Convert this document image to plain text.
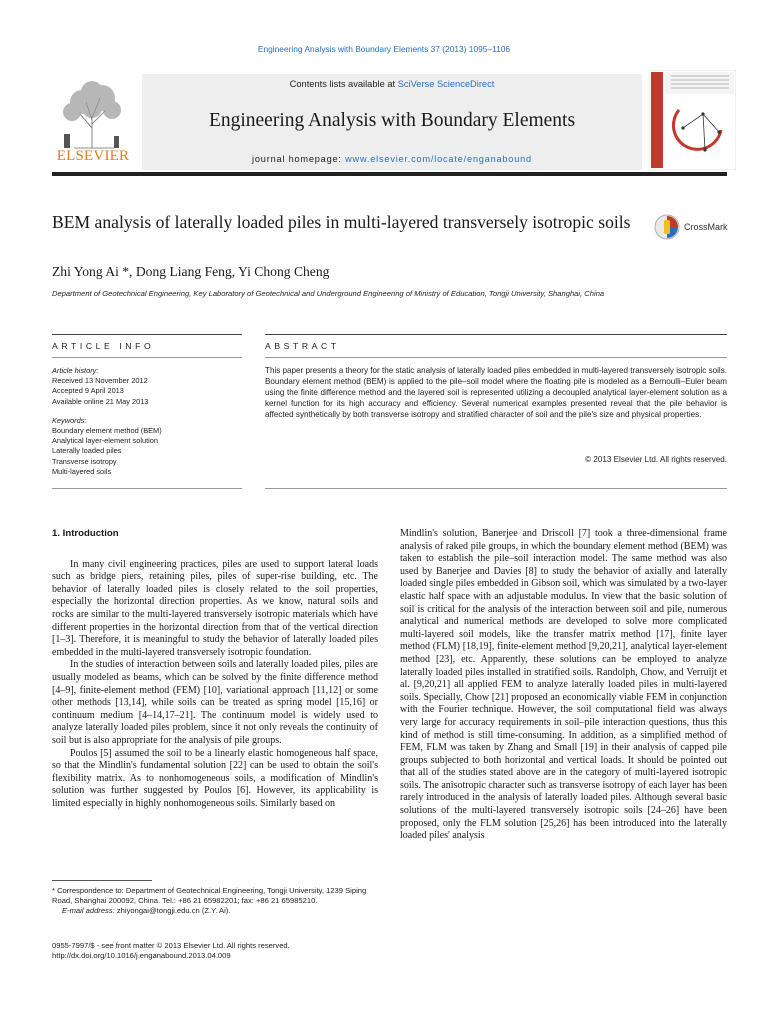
Engineering Analysis with Boundary Elements 37 (2013) 1095–1106
ELSEVIER
Contents lists available at SciVerse ScienceDirect
Engineering Analysis with Boundary Elements
journal homepage: www.elsevier.com/locate/enganabound
BEM analysis of laterally loaded piles in multi-layered transversely isotropic soils	CrossMark
Zhi Yong Ai *, Dong Liang Feng, Yi Chong Cheng
Department of Geotechnical Engineering, Key Laboratory of Geotechnical and Underground Engineering of Ministry of Education, Tongji University, Shanghai, China
ARTICLE INFO	ABSTRACT
Article history:
Received 13 November 2012
Accepted 9 April 2013
Available online 21 May 2013
Keywords:
Boundary element method (BEM)
Analytical layer-element solution
Laterally loaded piles
Transverse isotropy
Multi-layered soils
This paper presents a theory for the static analysis of laterally loaded piles embedded in multi-layered transversely isotropic soils. Boundary element method (BEM) is applied to the pile–soil model where the floating pile is modeled as a Bernoulli–Euler beam using the finite difference method and the layered soil is represented utilizing a decoupled analytical layer-element solution as a kernel function for its high accuracy and efficiency. Several numerical examples presented reveal that the pile behavior is affected synthetically by both transverse isotropy and stratified character of soil and the pile's size and physical properties.
© 2013 Elsevier Ltd. All rights reserved.
1. Introduction

In many civil engineering practices, piles are used to support lateral loads such as bridge piers, retaining piles, piles of super-rise building, etc. The behavior of laterally loaded piles is closely related to the soil properties, especially the horizontal direction properties. As we know, natural soils and rocks are similar to the multi-layered transversely isotropic materials which have different properties in the horizontal direction from that of the vertical direction [1–3]. Therefore, it is meaningful to study the behavior of laterally loaded piles embedded in the multi-layered transversely isotropic foundation.

In the studies of interaction between soils and laterally loaded piles, piles are usually modeled as beams, which can be solved by the finite difference method [4–9], finite-element method (FEM) [10], variational approach [11,12] or some other methods [13,14], while soils can be treated as spring model [15,16] or continuum medium [4–14,17–21]. The continuum model is widely used to analyze laterally loaded piles problem, since it not only reveals the continuity of soil but is also appropriate for the analysis of pile groups.

Poulos [5] assumed the soil to be a linearly elastic homogeneous half space, so that the Mindlin's fundamental solution [22] can be used to obtain the soil's flexibility matrix. As to nonhomogeneous soils, a modification of Mindlin's solution was further suggested by Poulos [6]. However, its applicability is limited especially in highly nonhomogeneous soils. Similarly based on

Mindlin's solution, Banerjee and Driscoll [7] took a three-dimensional frame analysis of raked pile groups, in which the boundary element method (BEM) was taken to establish the pile–soil interaction model. The same method was also used by Banerjee and Davies [8] to study the behavior of axially and laterally loaded single piles embedded in Gibson soil, which was simulated by a two-layer elastic half space with an adjustable modulus. In view that the basic solution of soil is critical for the analysis of the interaction between soil and pile, numerous analytical and numerical methods are developed to solve more complicated multi-layered soil models, like the transfer matrix method [17], finite layer method (FLM) [18,19], finite-element method [9,20,21], analytical layer-element method [23], etc. Apparently, these solutions can be employed to analyze laterally loaded piles installed in stratified soils. Randolph, Chow, and Verruijt et al. [9,20,21] all applied FEM to analyze laterally loaded piles in multi-layered soils. Specially, Chow [21] proposed an economically viable FEM in conjunction with the Fourier technique. However, the soil computational field was always very large for accuracy requirements in soil–pile interaction questions, thus this kind of method is still time-consuming. In addition, as a simplified method of FEM, FLM was taken by Zhang and Small [19] in their analysis of capped pile groups subjected to both horizontal and vertical loads. It should be pointed out that all of the studies stated above are in the category of multi-layered isotropic soils. The anisotropic character such as transverse isotropy of each layer has been rarely introduced in the analysis of laterally loaded piles. Although several basic solutions of the multi-layered transversely isotropic soils [24–26] have been proposed, only the FLM solution [25,26] has been introduced into the laterally loaded piles' analysis

* Correspondence to: Department of Geotechnical Engineering, Tongji University, 1239 Siping Road, Shanghai 200092, China. Tel.: +86 21 65982201; fax: +86 21 65985210.
E-mail address: zhiyongai@tongji.edu.cn (Z.Y. Ai).
0955-7997/$ - see front matter © 2013 Elsevier Ltd. All rights reserved.
http://dx.doi.org/10.1016/j.enganabound.2013.04.009
